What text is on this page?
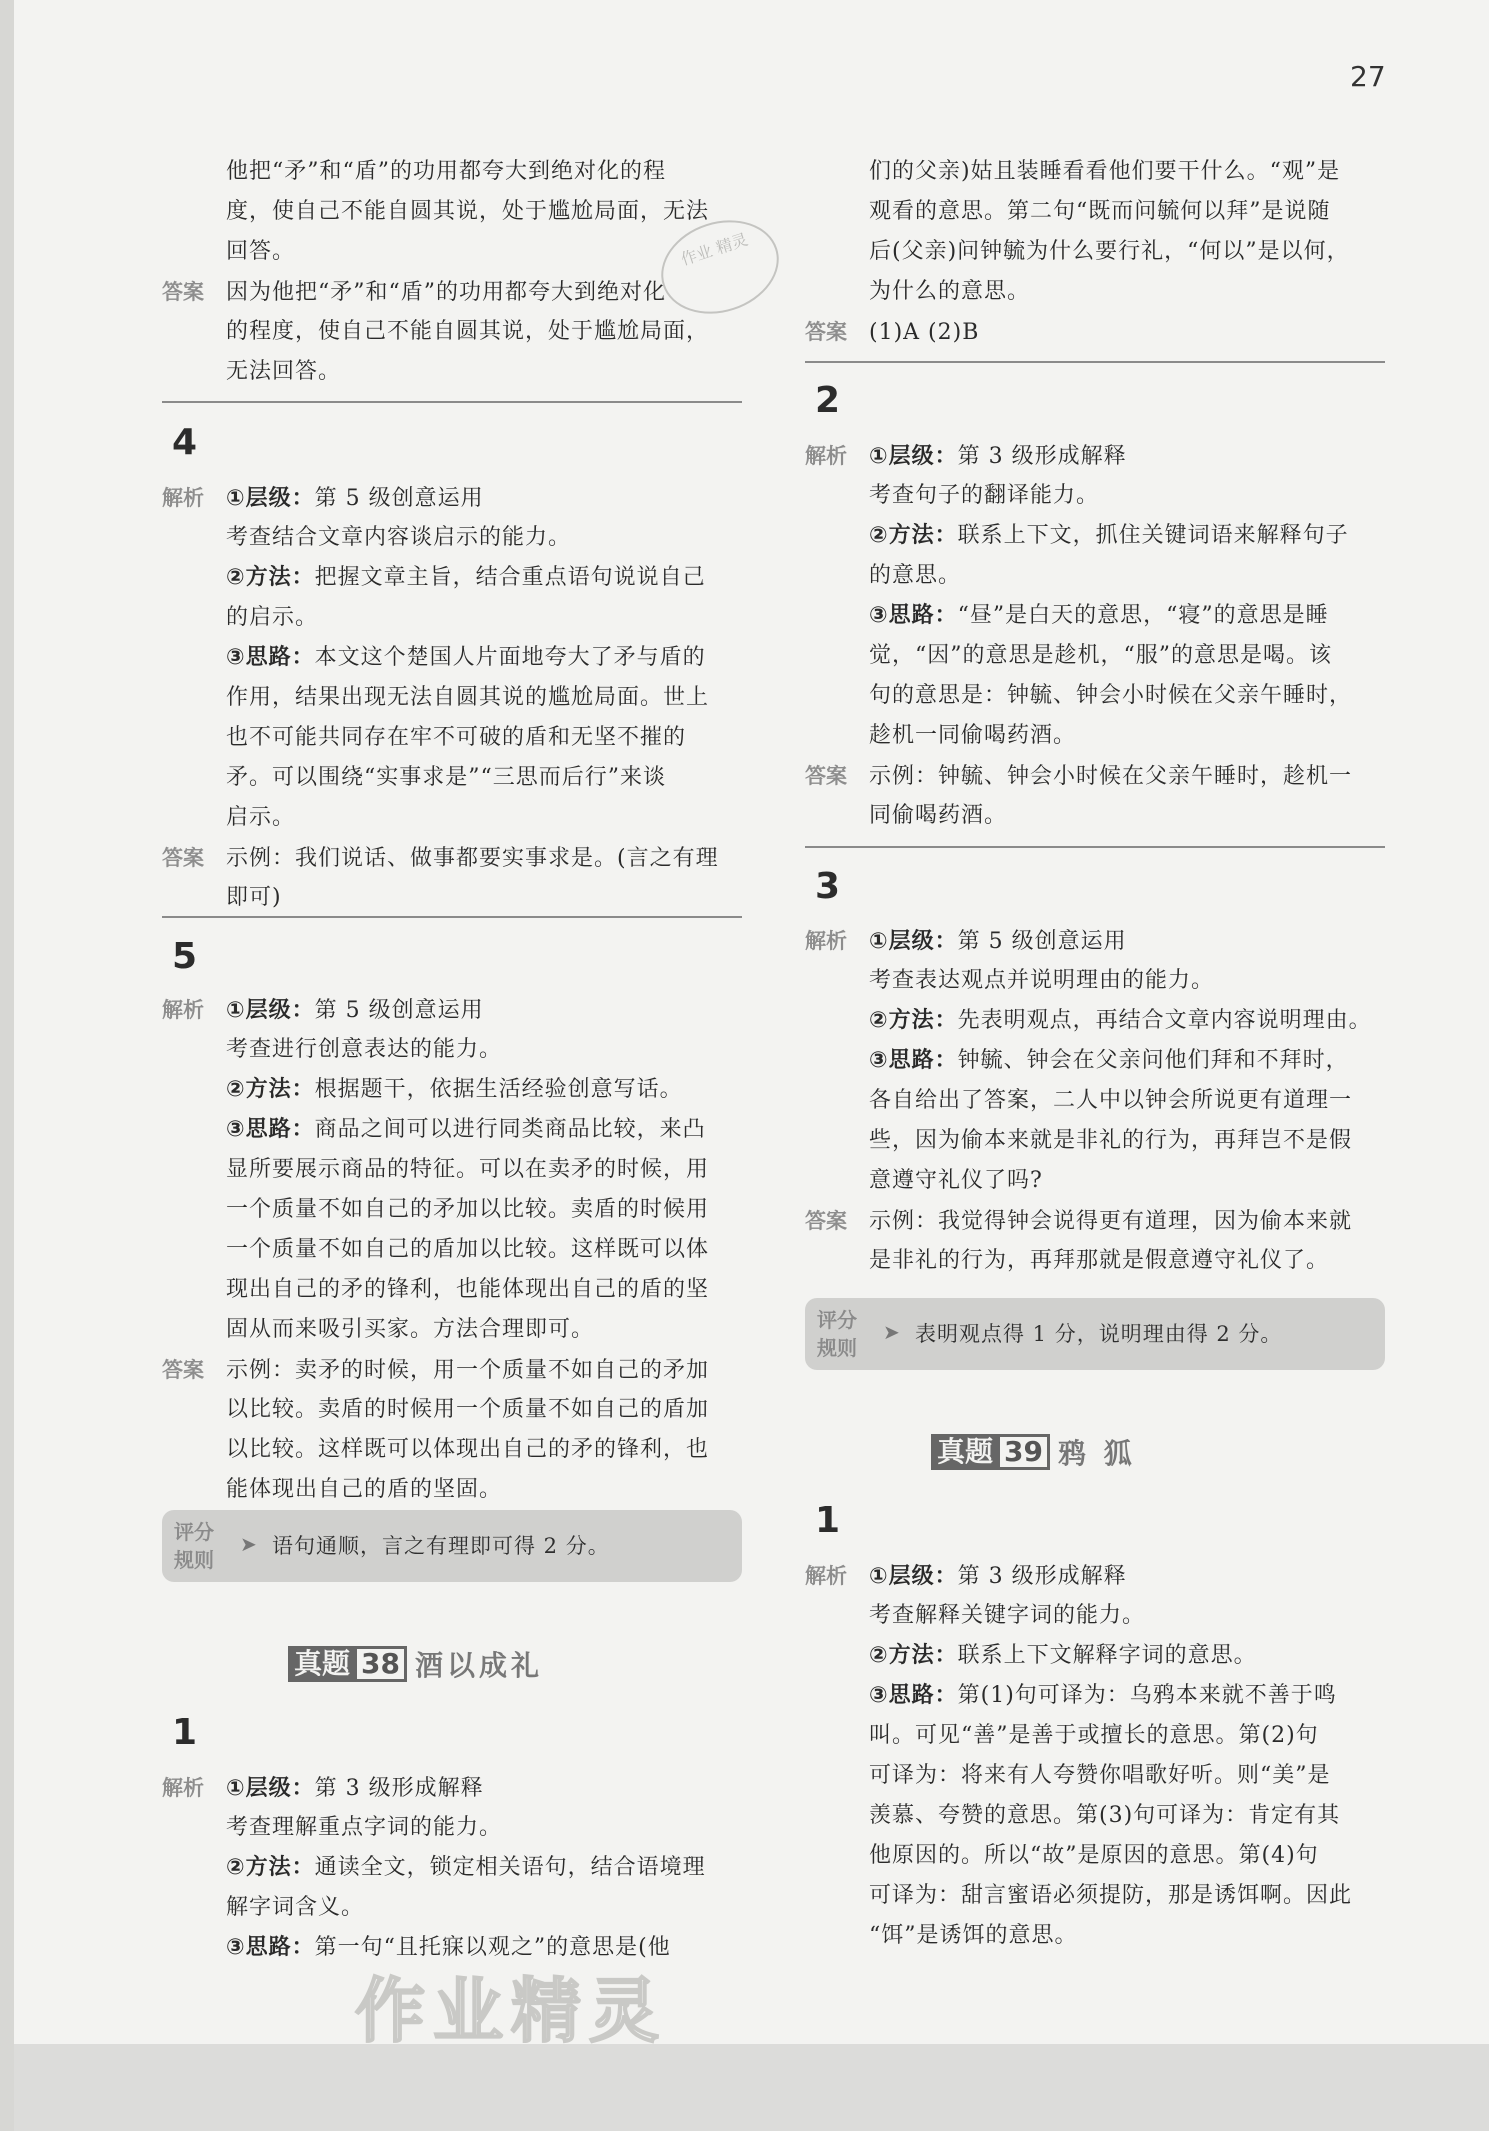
27
他把“矛”和“盾”的功用都夸大到绝对化的程
度，使自己不能自圆其说，处于尴尬局面，无法
回答。
答案 因为他把“矛”和“盾”的功用都夸大到绝对化
的程度，使自己不能自圆其说，处于尴尬局面，
无法回答。
4
解析 ①层级：第 5 级创意运用
考查结合文章内容谈启示的能力。
②方法：把握文章主旨，结合重点语句说说自己
的启示。
③思路：本文这个楚国人片面地夸大了矛与盾的
作用，结果出现无法自圆其说的尴尬局面。世上
也不可能共同存在牢不可破的盾和无坚不摧的
矛。可以围绕“实事求是”“三思而后行”来谈
启示。
答案 示例：我们说话、做事都要实事求是。(言之有理
即可)
5
解析 ①层级：第 5 级创意运用
考查进行创意表达的能力。
②方法：根据题干，依据生活经验创意写话。
③思路：商品之间可以进行同类商品比较，来凸
显所要展示商品的特征。可以在卖矛的时候，用
一个质量不如自己的矛加以比较。卖盾的时候用
一个质量不如自己的盾加以比较。这样既可以体
现出自己的矛的锋利，也能体现出自己的盾的坚
固从而来吸引买家。方法合理即可。
答案 示例：卖矛的时候，用一个质量不如自己的矛加
以比较。卖盾的时候用一个质量不如自己的盾加
以比较。这样既可以体现出自己的矛的锋利，也
能体现出自己的盾的坚固。
评分
规则
➤ 语句通顺，言之有理即可得 2 分。
真题 38 酒以成礼
1
解析 ①层级：第 3 级形成解释
考查理解重点字词的能力。
②方法：通读全文，锁定相关语句，结合语境理
解字词含义。
③思路：第一句“且托寐以观之”的意思是(他
们的父亲)姑且装睡看看他们要干什么。“观”是
观看的意思。第二句“既而问毓何以拜”是说随
后(父亲)问钟毓为什么要行礼，“何以”是以何，
为什么的意思。
答案 (1)A (2)B
2
解析 ①层级：第 3 级形成解释
考查句子的翻译能力。
②方法：联系上下文，抓住关键词语来解释句子
的意思。
③思路：“昼”是白天的意思，“寝”的意思是睡
觉，“因”的意思是趁机，“服”的意思是喝。该
句的意思是：钟毓、钟会小时候在父亲午睡时，
趁机一同偷喝药酒。
答案 示例：钟毓、钟会小时候在父亲午睡时，趁机一
同偷喝药酒。
3
解析 ①层级：第 5 级创意运用
考查表达观点并说明理由的能力。
②方法：先表明观点，再结合文章内容说明理由。
③思路：钟毓、钟会在父亲问他们拜和不拜时，
各自给出了答案，二人中以钟会所说更有道理一
些，因为偷本来就是非礼的行为，再拜岂不是假
意遵守礼仪了吗?
答案 示例：我觉得钟会说得更有道理，因为偷本来就
是非礼的行为，再拜那就是假意遵守礼仪了。
评分
规则
➤ 表明观点得 1 分，说明理由得 2 分。
真题 39 鸦 狐
1
解析 ①层级：第 3 级形成解释
考查解释关键字词的能力。
②方法：联系上下文解释字词的意思。
③思路：第(1)句可译为：乌鸦本来就不善于鸣
叫。可见“善”是善于或擅长的意思。第(2)句
可译为：将来有人夸赞你唱歌好听。则“美”是
羡慕、夸赞的意思。第(3)句可译为：肯定有其
他原因的。所以“故”是原因的意思。第(4)句
可译为：甜言蜜语必须提防，那是诱饵啊。因此
“饵”是诱饵的意思。
作业 精灵
作业精灵
